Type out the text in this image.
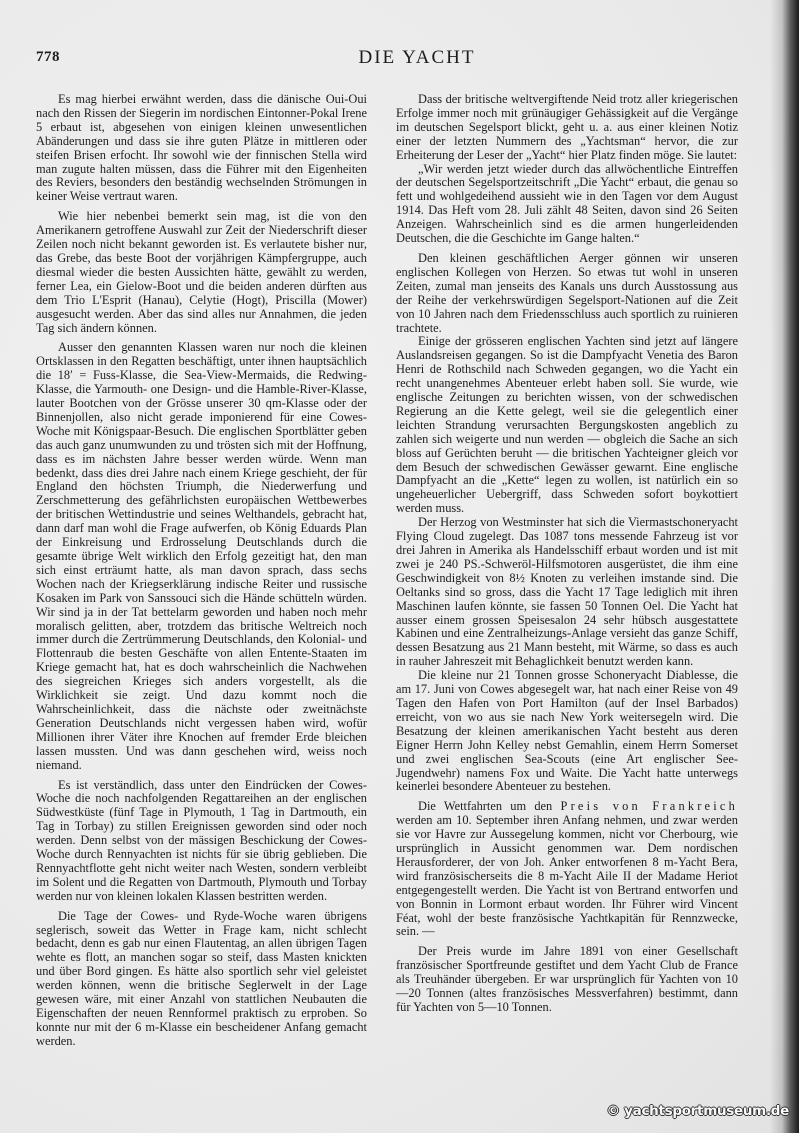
778	DIE YACHT

Es mag hierbei erwähnt werden, dass die dänische Oui-Oui nach den Rissen der Siegerin im nordischen Eintonner-Pokal Irene 5 erbaut ist, abgesehen von einigen kleinen unwesentlichen Abänderungen und dass sie ihre guten Plätze in mittleren oder steifen Brisen erfocht. Ihr sowohl wie der finnischen Stella wird man zugute halten müssen, dass die Führer mit den Eigenheiten des Reviers, besonders den beständig wechselnden Strömungen in keiner Weise vertraut waren.

Wie hier nebenbei bemerkt sein mag, ist die von den Amerikanern getroffene Auswahl zur Zeit der Niederschrift dieser Zeilen noch nicht bekannt geworden ist. Es verlautete bisher nur, das Grebe, das beste Boot der vorjährigen Kämpfergruppe, auch diesmal wieder die besten Aussichten hätte, gewählt zu werden, ferner Lea, ein Gielow-Boot und die beiden anderen dürften aus dem Trio L'Esprit (Hanau), Celytie (Hogt), Priscilla (Mower) ausgesucht werden. Aber das sind alles nur Annahmen, die jeden Tag sich ändern können.

Ausser den genannten Klassen waren nur noch die kleinen Ortsklassen in den Regatten beschäftigt, unter ihnen hauptsächlich die 18′ = Fuss-Klasse, die Sea-View-Mermaids, die Redwing-Klasse, die Yarmouth- one Design- und die Hamble-River-Klasse, lauter Bootchen von der Grösse unserer 30 qm-Klasse oder der Binnenjollen, also nicht gerade imponierend für eine Cowes-Woche mit Königspaar-Besuch. Die englischen Sportblätter geben das auch ganz unumwunden zu und trösten sich mit der Hoffnung, dass es im nächsten Jahre besser werden würde. Wenn man bedenkt, dass dies drei Jahre nach einem Kriege geschieht, der für England den höchsten Triumph, die Niederwerfung und Zerschmetterung des gefährlichsten europäischen Wettbewerbes der britischen Wettindustrie und seines Welthandels, gebracht hat, dann darf man wohl die Frage aufwerfen, ob König Eduards Plan der Einkreisung und Erdrosselung Deutschlands durch die gesamte übrige Welt wirklich den Erfolg gezeitigt hat, den man sich einst erträumt hatte, als man davon sprach, dass sechs Wochen nach der Kriegserklärung indische Reiter und russische Kosaken im Park von Sanssouci sich die Hände schütteln würden. Wir sind ja in der Tat bettelarm geworden und haben noch mehr moralisch gelitten, aber, trotzdem das britische Weltreich noch immer durch die Zertrümmerung Deutschlands, den Kolonial- und Flottenraub die besten Geschäfte von allen Entente-Staaten im Kriege gemacht hat, hat es doch wahrscheinlich die Nachwehen des siegreichen Krieges sich anders vorgestellt, als die Wirklichkeit sie zeigt. Und dazu kommt noch die Wahrscheinlichkeit, dass die nächste oder zweitnächste Generation Deutschlands nicht vergessen haben wird, wofür Millionen ihrer Väter ihre Knochen auf fremder Erde bleichen lassen mussten. Und was dann geschehen wird, weiss noch niemand.

Es ist verständlich, dass unter den Eindrücken der Cowes-Woche die noch nachfolgenden Regattareihen an der englischen Südwestküste (fünf Tage in Plymouth, 1 Tag in Dartmouth, ein Tag in Torbay) zu stillen Ereignissen geworden sind oder noch werden. Denn selbst von der mässigen Beschickung der Cowes-Woche durch Rennyachten ist nichts für sie übrig geblieben. Die Rennyachtflotte geht nicht weiter nach Westen, sondern verbleibt im Solent und die Regatten von Dartmouth, Plymouth und Torbay werden nur von kleinen lokalen Klassen bestritten werden.

Die Tage der Cowes- und Ryde-Woche waren übrigens seglerisch, soweit das Wetter in Frage kam, nicht schlecht bedacht, denn es gab nur einen Flautentag, an allen übrigen Tagen wehte es flott, an manchen sogar so steif, dass Masten knickten und über Bord gingen. Es hätte also sportlich sehr viel geleistet werden können, wenn die britische Seglerwelt in der Lage gewesen wäre, mit einer Anzahl von stattlichen Neubauten die Eigenschaften der neuen Rennformel praktisch zu erproben. So konnte nur mit der 6 m-Klasse ein bescheidener Anfang gemacht werden.

Dass der britische weltvergiftende Neid trotz aller kriegerischen Erfolge immer noch mit grünäugiger Gehässigkeit auf die Vergänge im deutschen Segelsport blickt, geht u. a. aus einer kleinen Notiz einer der letzten Nummern des „Yachtsman“ hervor, die zur Erheiterung der Leser der „Yacht“ hier Platz finden möge. Sie lautet:

„Wir werden jetzt wieder durch das allwöchentliche Eintreffen der deutschen Segelsportzeitschrift „Die Yacht“ erbaut, die genau so fett und wohlgedeihend aussieht wie in den Tagen vor dem August 1914. Das Heft vom 28. Juli zählt 48 Seiten, davon sind 26 Seiten Anzeigen. Wahrscheinlich sind es die armen hungerleidenden Deutschen, die die Geschichte im Gange halten.“

Den kleinen geschäftlichen Aerger gönnen wir unseren englischen Kollegen von Herzen. So etwas tut wohl in unseren Zeiten, zumal man jenseits des Kanals uns durch Ausstossung aus der Reihe der verkehrswürdigen Segelsport-Nationen auf die Zeit von 10 Jahren nach dem Friedensschluss auch sportlich zu ruinieren trachtete.

Einige der grösseren englischen Yachten sind jetzt auf längere Auslandsreisen gegangen. So ist die Dampfyacht Venetia des Baron Henri de Rothschild nach Schweden gegangen, wo die Yacht ein recht unangenehmes Abenteuer erlebt haben soll. Sie wurde, wie englische Zeitungen zu berichten wissen, von der schwedischen Regierung an die Kette gelegt, weil sie die gelegentlich einer leichten Strandung verursachten Bergungskosten angeblich zu zahlen sich weigerte und nun werden — obgleich die Sache an sich bloss auf Gerüchten beruht — die britischen Yachteigner gleich vor dem Besuch der schwedischen Gewässer gewarnt. Eine englische Dampfyacht an die „Kette“ legen zu wollen, ist natürlich ein so ungeheuerlicher Uebergriff, dass Schweden sofort boykottiert werden muss.

Der Herzog von Westminster hat sich die Viermastschoneryacht Flying Cloud zugelegt. Das 1087 tons messende Fahrzeug ist vor drei Jahren in Amerika als Handelsschiff erbaut worden und ist mit zwei je 240 PS.-Schweröl-Hilfsmotoren ausgerüstet, die ihm eine Geschwindigkeit von 8½ Knoten zu verleihen imstande sind. Die Oeltanks sind so gross, dass die Yacht 17 Tage lediglich mit ihren Maschinen laufen könnte, sie fassen 50 Tonnen Oel. Die Yacht hat ausser einem grossen Speisesalon 24 sehr hübsch ausgestattete Kabinen und eine Zentralheizungs-Anlage versieht das ganze Schiff, dessen Besatzung aus 21 Mann besteht, mit Wärme, so dass es auch in rauher Jahreszeit mit Behaglichkeit benutzt werden kann.

Die kleine nur 21 Tonnen grosse Schoneryacht Diablesse, die am 17. Juni von Cowes abgesegelt war, hat nach einer Reise von 49 Tagen den Hafen von Port Hamilton (auf der Insel Barbados) erreicht, von wo aus sie nach New York weitersegeln wird. Die Besatzung der kleinen amerikanischen Yacht besteht aus deren Eigner Herrn John Kelley nebst Gemahlin, einem Herrn Somerset und zwei englischen Sea-Scouts (eine Art englischer See-Jugendwehr) namens Fox und Waite. Die Yacht hatte unterwegs keinerlei besondere Abenteuer zu bestehen.

Die Wettfahrten um den Preis von Frankreich werden am 10. September ihren Anfang nehmen, und zwar werden sie vor Havre zur Aussegelung kommen, nicht vor Cherbourg, wie ursprünglich in Aussicht genommen war. Dem nordischen Herausforderer, der von Joh. Anker entworfenen 8 m-Yacht Bera, wird französischerseits die 8 m-Yacht Aile II der Madame Heriot entgegengestellt werden. Die Yacht ist von Bertrand entworfen und von Bonnin in Lormont erbaut worden. Ihr Führer wird Vincent Féat, wohl der beste französische Yachtkapitän für Rennzwecke, sein. —

Der Preis wurde im Jahre 1891 von einer Gesellschaft französischer Sportfreunde gestiftet und dem Yacht Club de France als Treuhänder übergeben. Er war ursprünglich für Yachten von 10—20 Tonnen (altes französisches Messverfahren) bestimmt, dann für Yachten von 5—10 Tonnen.

© yachtsportmuseum.de
